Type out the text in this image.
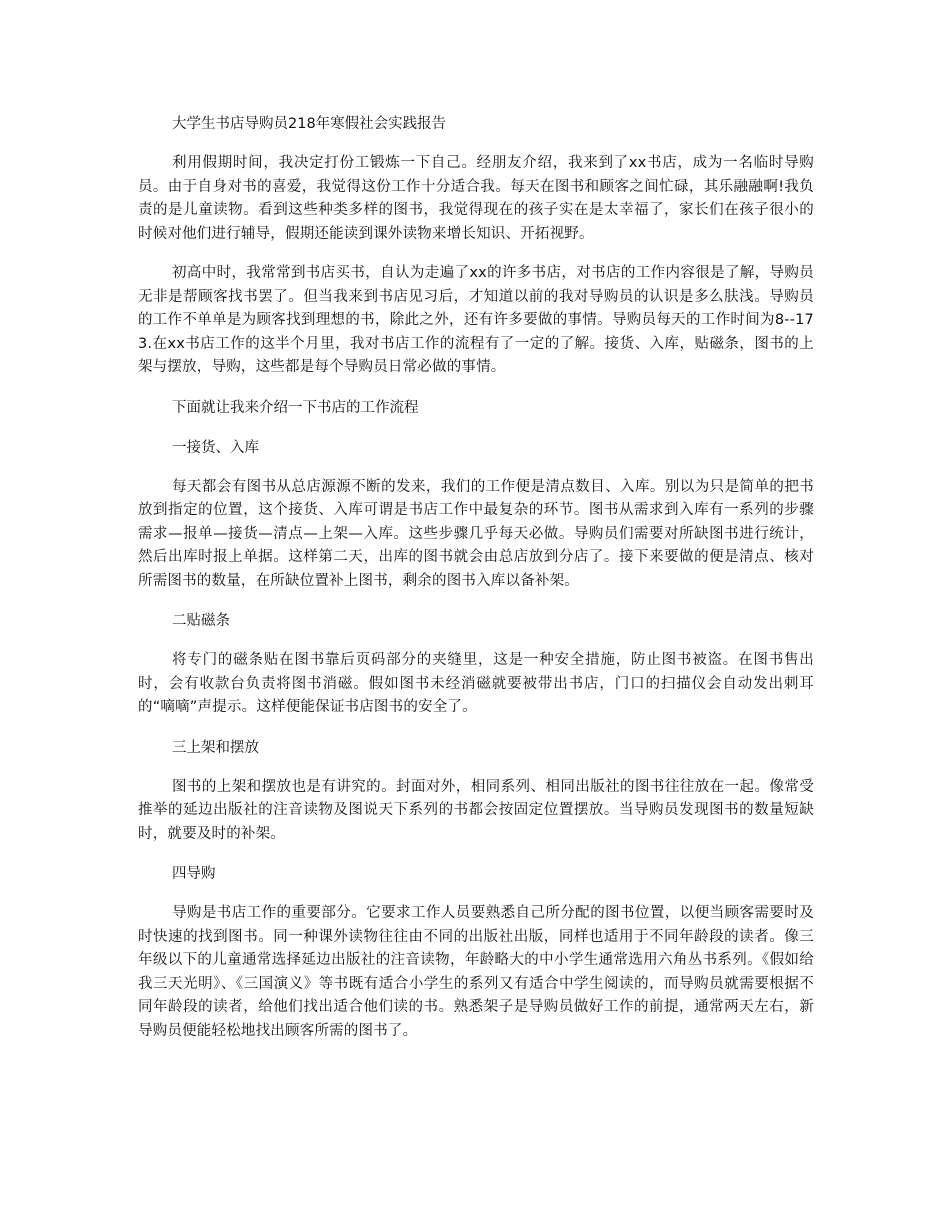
大学生书店导购员218年寒假社会实践报告

利用假期时间，我决定打份工锻炼一下自己。经朋友介绍，我来到了xx书店，成为一名临时导购员。由于自身对书的喜爱，我觉得这份工作十分适合我。每天在图书和顾客之间忙碌，其乐融融啊!我负责的是儿童读物。看到这些种类多样的图书，我觉得现在的孩子实在是太幸福了，家长们在孩子很小的时候对他们进行辅导，假期还能读到课外读物来增长知识、开拓视野。

初高中时，我常常到书店买书，自认为走遍了xx的许多书店，对书店的工作内容很是了解，导购员无非是帮顾客找书罢了。但当我来到书店见习后，才知道以前的我对导购员的认识是多么肤浅。导购员的工作不单单是为顾客找到理想的书，除此之外，还有许多要做的事情。导购员每天的工作时间为8--173.在xx书店工作的这半个月里，我对书店工作的流程有了一定的了解。接货、入库，贴磁条，图书的上架与摆放，导购，这些都是每个导购员日常必做的事情。

下面就让我来介绍一下书店的工作流程
一接货、入库

每天都会有图书从总店源源不断的发来，我们的工作便是清点数目、入库。别以为只是简单的把书放到指定的位置，这个接货、入库可谓是书店工作中最复杂的环节。图书从需求到入库有一系列的步骤需求—报单—接货—清点—上架—入库。这些步骤几乎每天必做。导购员们需要对所缺图书进行统计，然后出库时报上单据。这样第二天，出库的图书就会由总店放到分店了。接下来要做的便是清点、核对所需图书的数量，在所缺位置补上图书，剩余的图书入库以备补架。

二贴磁条

将专门的磁条贴在图书靠后页码部分的夹缝里，这是一种安全措施，防止图书被盗。在图书售出时，会有收款台负责将图书消磁。假如图书未经消磁就要被带出书店，门口的扫描仪会自动发出刺耳的“嘀嘀”声提示。这样便能保证书店图书的安全了。

三上架和摆放

图书的上架和摆放也是有讲究的。封面对外，相同系列、相同出版社的图书往往放在一起。像常受推举的延边出版社的注音读物及图说天下系列的书都会按固定位置摆放。当导购员发现图书的数量短缺时，就要及时的补架。

四导购

导购是书店工作的重要部分。它要求工作人员要熟悉自己所分配的图书位置，以便当顾客需要时及时快速的找到图书。同一种课外读物往往由不同的出版社出版，同样也适用于不同年龄段的读者。像三年级以下的儿童通常选择延边出版社的注音读物，年龄略大的中小学生通常选用六角丛书系列。《假如给我三天光明》、《三国演义》等书既有适合小学生的系列又有适合中学生阅读的，而导购员就需要根据不同年龄段的读者，给他们找出适合他们读的书。熟悉架子是导购员做好工作的前提，通常两天左右，新导购员便能轻松地找出顾客所需的图书了。
